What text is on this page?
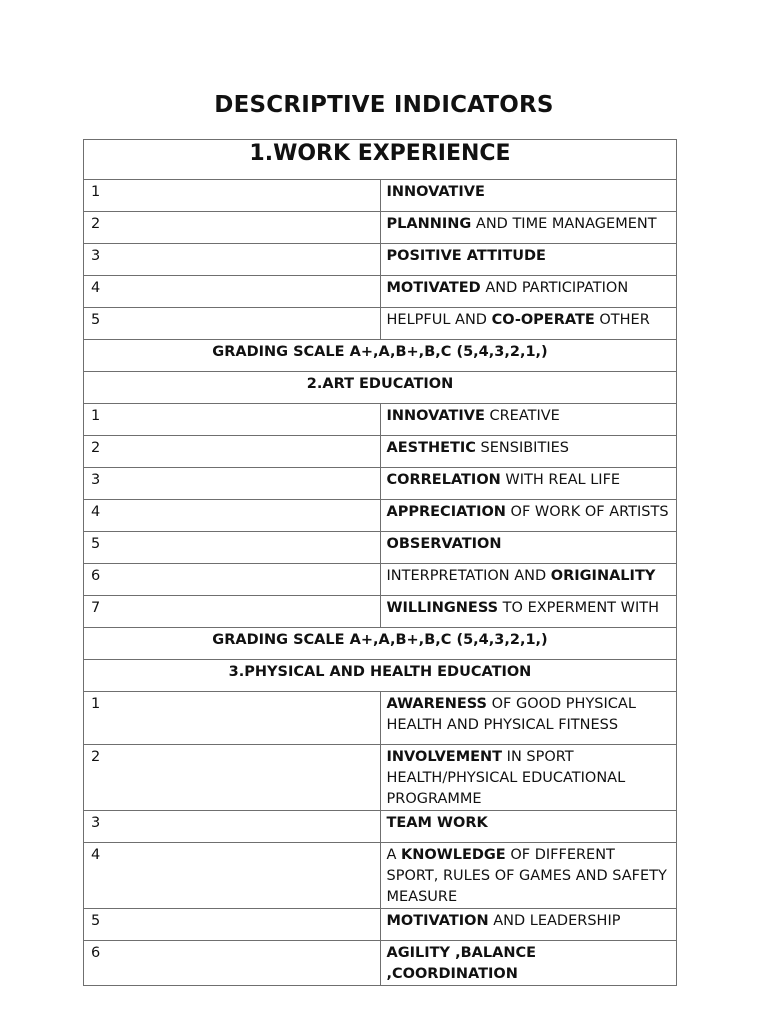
DESCRIPTIVE INDICATORS
1.WORK EXPERIENCE	
1	INNOVATIVE
2	PLANNING AND TIME MANAGEMENT
3	POSITIVE ATTITUDE
4	MOTIVATED AND PARTICIPATION
5	HELPFUL AND CO-OPERATE OTHER
GRADING SCALE A+,A,B+,B,C (5,4,3,2,1,)	
2.ART EDUCATION	
1	INNOVATIVE CREATIVE
2	AESTHETIC SENSIBITIES
3	CORRELATION WITH REAL LIFE
4	APPRECIATION OF WORK OF ARTISTS
5	OBSERVATION
6	INTERPRETATION AND ORIGINALITY
7	WILLINGNESS TO EXPERMENT WITH
GRADING SCALE A+,A,B+,B,C (5,4,3,2,1,)	
3.PHYSICAL AND HEALTH EDUCATION	
1	AWARENESS OF GOOD PHYSICAL HEALTH AND PHYSICAL FITNESS
2	INVOLVEMENT IN SPORT HEALTH/PHYSICAL EDUCATIONAL PROGRAMME
3	TEAM WORK
4	A KNOWLEDGE OF DIFFERENT SPORT, RULES OF GAMES AND SAFETY MEASURE
5	MOTIVATION AND LEADERSHIP
6	AGILITY ,BALANCE ,COORDINATION
